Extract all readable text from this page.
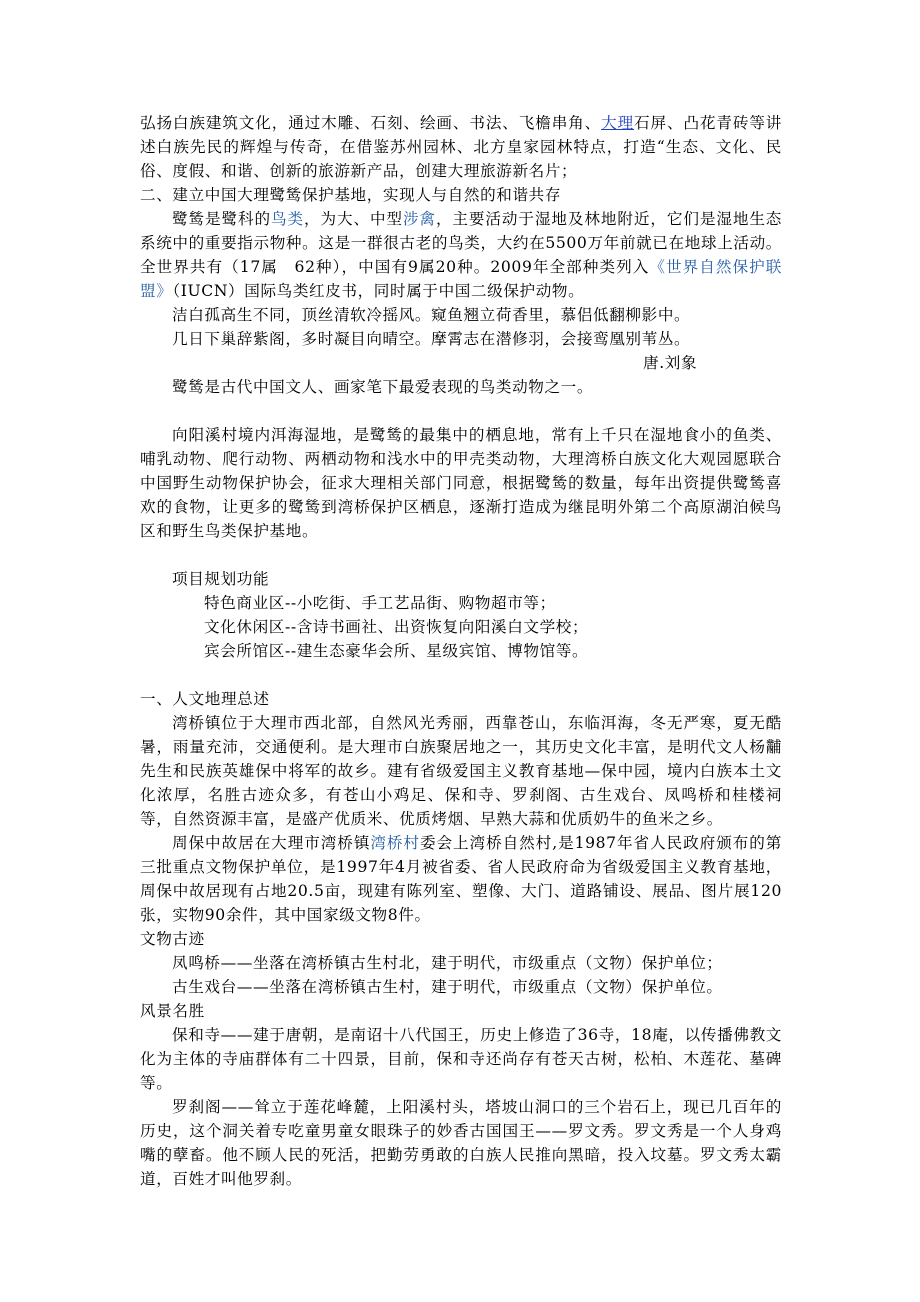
弘扬白族建筑文化，通过木雕、石刻、绘画、书法、飞檐串角、大理石屏、凸花青砖等讲述白族先民的辉煌与传奇，在借鉴苏州园林、北方皇家园林特点，打造“生态、文化、民俗、度假、和谐、创新的旅游新产品，创建大理旅游新名片；

二、建立中国大理鹭鸶保护基地，实现人与自然的和谐共存

鹭鸶是鹭科的鸟类，为大、中型涉禽，主要活动于湿地及林地附近，它们是湿地生态系统中的重要指示物种。这是一群很古老的鸟类，大约在5500万年前就已在地球上活动。全世界共有（17属　62种），中国有9属20种。2009年全部种类列入《世界自然保护联盟》（IUCN）国际鸟类红皮书，同时属于中国二级保护动物。

洁白孤高生不同，顶丝清软冷摇风。窥鱼翘立荷香里，慕侣低翻柳影中。

几日下巢辞紫阁，多时凝目向晴空。摩霄志在潜修羽，会接鸾凰别苇丛。

唐.刘象

鹭鸶是古代中国文人、画家笔下最爱表现的鸟类动物之一。

向阳溪村境内洱海湿地，是鹭鸶的最集中的栖息地，常有上千只在湿地食小的鱼类、哺乳动物、爬行动物、两栖动物和浅水中的甲壳类动物，大理湾桥白族文化大观园愿联合中国野生动物保护协会，征求大理相关部门同意，根据鹭鸶的数量，每年出资提供鹭鸶喜欢的食物，让更多的鹭鸶到湾桥保护区栖息，逐渐打造成为继昆明外第二个高原湖泊候鸟区和野生鸟类保护基地。

项目规划功能

特色商业区--小吃街、手工艺品街、购物超市等；

文化休闲区--含诗书画社、出资恢复向阳溪白文学校；

宾会所馆区--建生态豪华会所、星级宾馆、博物馆等。

一、人文地理总述

湾桥镇位于大理市西北部，自然风光秀丽，西靠苍山，东临洱海，冬无严寒，夏无酷暑，雨量充沛，交通便利。是大理市白族聚居地之一，其历史文化丰富，是明代文人杨黼先生和民族英雄保中将军的故乡。建有省级爱国主义教育基地—保中园，境内白族本土文化浓厚，名胜古迹众多，有苍山小鸡足、保和寺、罗刹阁、古生戏台、凤鸣桥和桂楼祠等，自然资源丰富，是盛产优质米、优质烤烟、早熟大蒜和优质奶牛的鱼米之乡。

周保中故居在大理市湾桥镇湾桥村委会上湾桥自然村,是1987年省人民政府颁布的第三批重点文物保护单位，是1997年4月被省委、省人民政府命为省级爱国主义教育基地，周保中故居现有占地20.5亩，现建有陈列室、塑像、大门、道路铺设、展品、图片展120张，实物90余件，其中国家级文物8件。

文物古迹

凤鸣桥——坐落在湾桥镇古生村北，建于明代，市级重点（文物）保护单位；

古生戏台——坐落在湾桥镇古生村，建于明代，市级重点（文物）保护单位。

风景名胜

保和寺——建于唐朝，是南诏十八代国王，历史上修造了36寺，18庵，以传播佛教文化为主体的寺庙群体有二十四景，目前，保和寺还尚存有苍天古树，松柏、木莲花、墓碑等。

罗刹阁——耸立于莲花峰麓，上阳溪村头，塔坡山洞口的三个岩石上，现已几百年的历史，这个洞关着专吃童男童女眼珠子的妙香古国国王——罗文秀。罗文秀是一个人身鸡嘴的孽畜。他不顾人民的死活，把勤劳勇敢的白族人民推向黑暗，投入坟墓。罗文秀太霸道，百姓才叫他罗刹。
